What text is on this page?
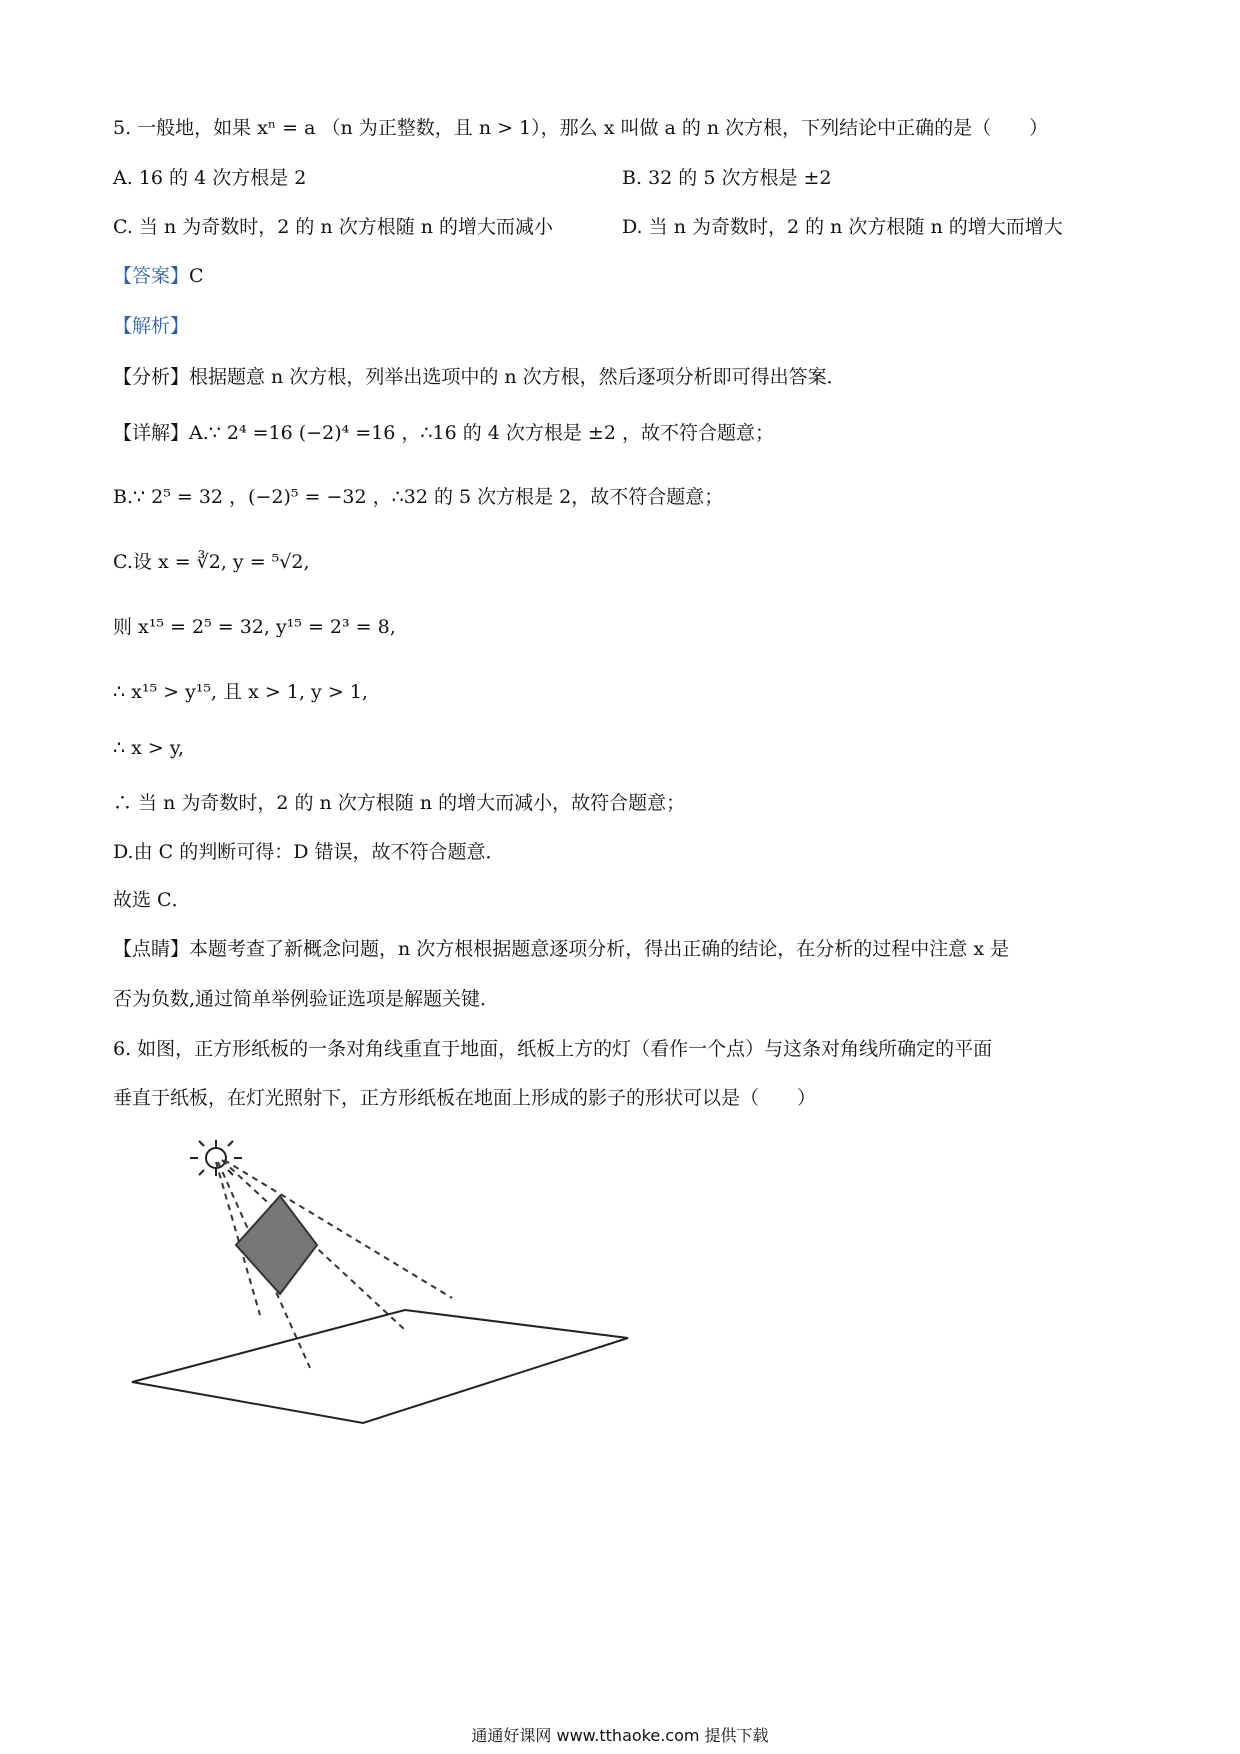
5. 一般地，如果 xⁿ = a （n 为正整数，且 n > 1），那么 x 叫做 a 的 n 次方根，下列结论中正确的是（　　）
A. 16 的 4 次方根是 2	B. 32 的 5 次方根是 ±2
C. 当 n 为奇数时，2 的 n 次方根随 n 的增大而减小	D. 当 n 为奇数时，2 的 n 次方根随 n 的增大而增大
【答案】C
【解析】
【分析】根据题意 n 次方根，列举出选项中的 n 次方根，然后逐项分析即可得出答案．
【详解】A.∵ 2⁴ =16 (−2)⁴ =16 ，∴16 的 4 次方根是 ±2 ，故不符合题意；
B.∵ 2⁵ = 32 ，(−2)⁵ = −32 ，∴32 的 5 次方根是 2，故不符合题意；
C.设 x = ∛2, y = ⁵√2,
则 x¹⁵ = 2⁵ = 32, y¹⁵ = 2³ = 8,
∴ x¹⁵ > y¹⁵, 且 x > 1, y > 1,
∴ x > y,
∴ 当 n 为奇数时，2 的 n 次方根随 n 的增大而减小，故符合题意；
D.由 C 的判断可得：D 错误，故不符合题意．
故选 C．
【点睛】本题考查了新概念问题，n 次方根根据题意逐项分析，得出正确的结论，在分析的过程中注意 x 是
否为负数,通过简单举例验证选项是解题关键．
6. 如图，正方形纸板的一条对角线重直于地面，纸板上方的灯（看作一个点）与这条对角线所确定的平面
垂直于纸板，在灯光照射下，正方形纸板在地面上形成的影子的形状可以是（　　）
通通好课网 www.tthaoke.com 提供下载
